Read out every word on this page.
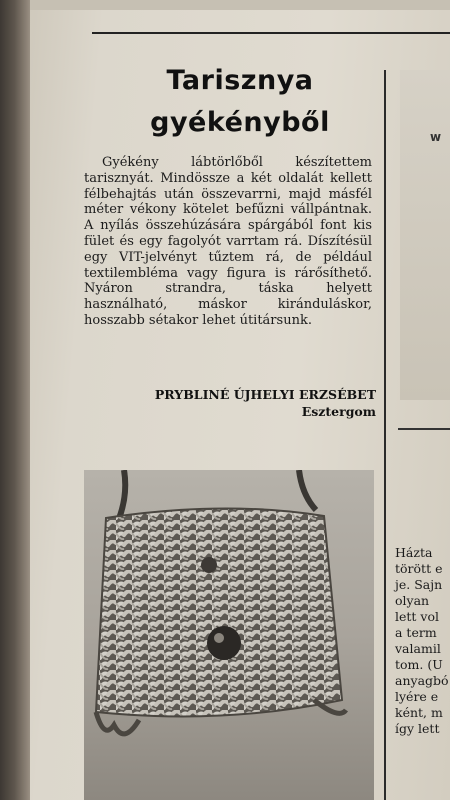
w
Tarisznya
gyékényből

Gyékény lábtörlőből készítettem tarisznyát. Mindössze a két oldalát kellett félbehajtás után összevarrni, majd másfél méter vékony kötelet befűzni vállpántnak. A nyílás összehúzására spárgából font kis fület és egy fagolyót varrtam rá. Díszítésül egy VIT-jelvényt tűztem rá, de például textilembléma vagy figura is rárősíthető. Nyáron strandra, táska helyett használható, máskor kiránduláskor, hosszabb sétakor lehet útitársunk.

PRYBLINÉ ÚJHELYI ERZSÉBET
Esztergom
Házta
törött e
je. Sajn
olyan
lett vol
a term
valamil
tom. (U
anyagbó
lyére e
ként, m
így lett
